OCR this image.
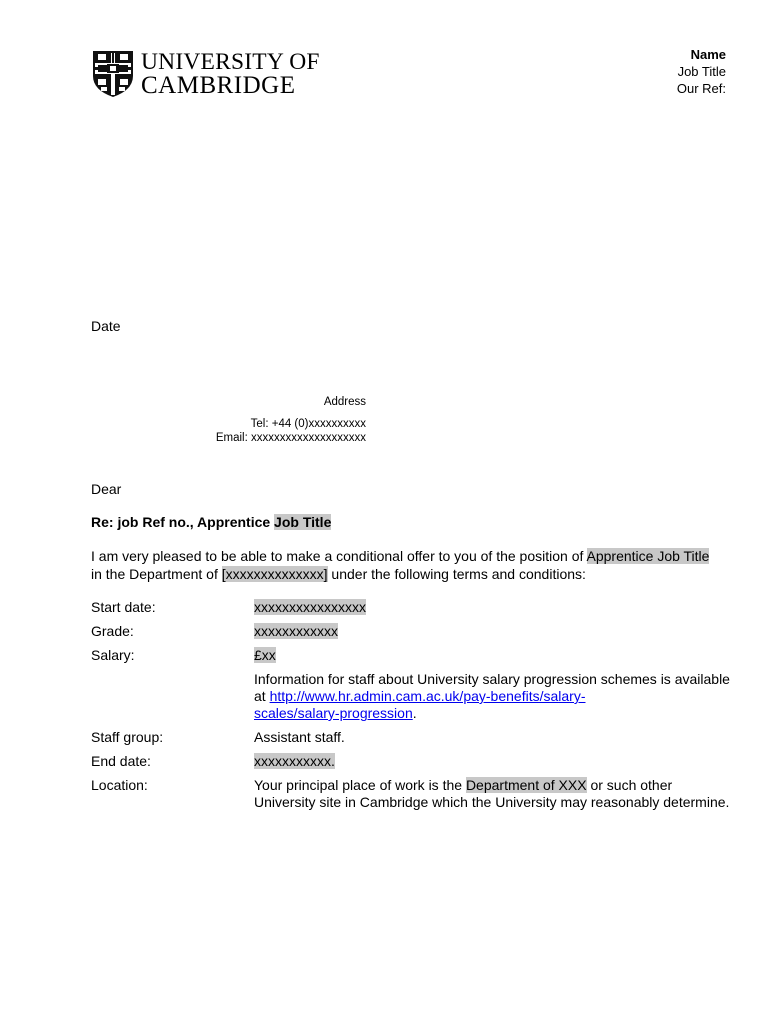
UNIVERSITY OF
CAMBRIDGE
Name
Job Title
Our Ref:
Date
Address
Tel: +44 (0)xxxxxxxxxx
Email: xxxxxxxxxxxxxxxxxxxx
Dear
Re: job Ref no., Apprentice Job Title
I am very pleased to be able to make a conditional offer to you of the position of Apprentice Job Title
in the Department of [xxxxxxxxxxxxxx] under the following terms and conditions:
Start date:	xxxxxxxxxxxxxxxx
Grade:	xxxxxxxxxxxx
Salary:	£xx
Information for staff about University salary progression schemes is available at http://www.hr.admin.cam.ac.uk/pay-benefits/salary-
scales/salary-progression.
Staff group:	Assistant staff.
End date:	xxxxxxxxxxx.
Location:	Your principal place of work is the Department of XXX or such other University site in Cambridge which the University may reasonably determine.
